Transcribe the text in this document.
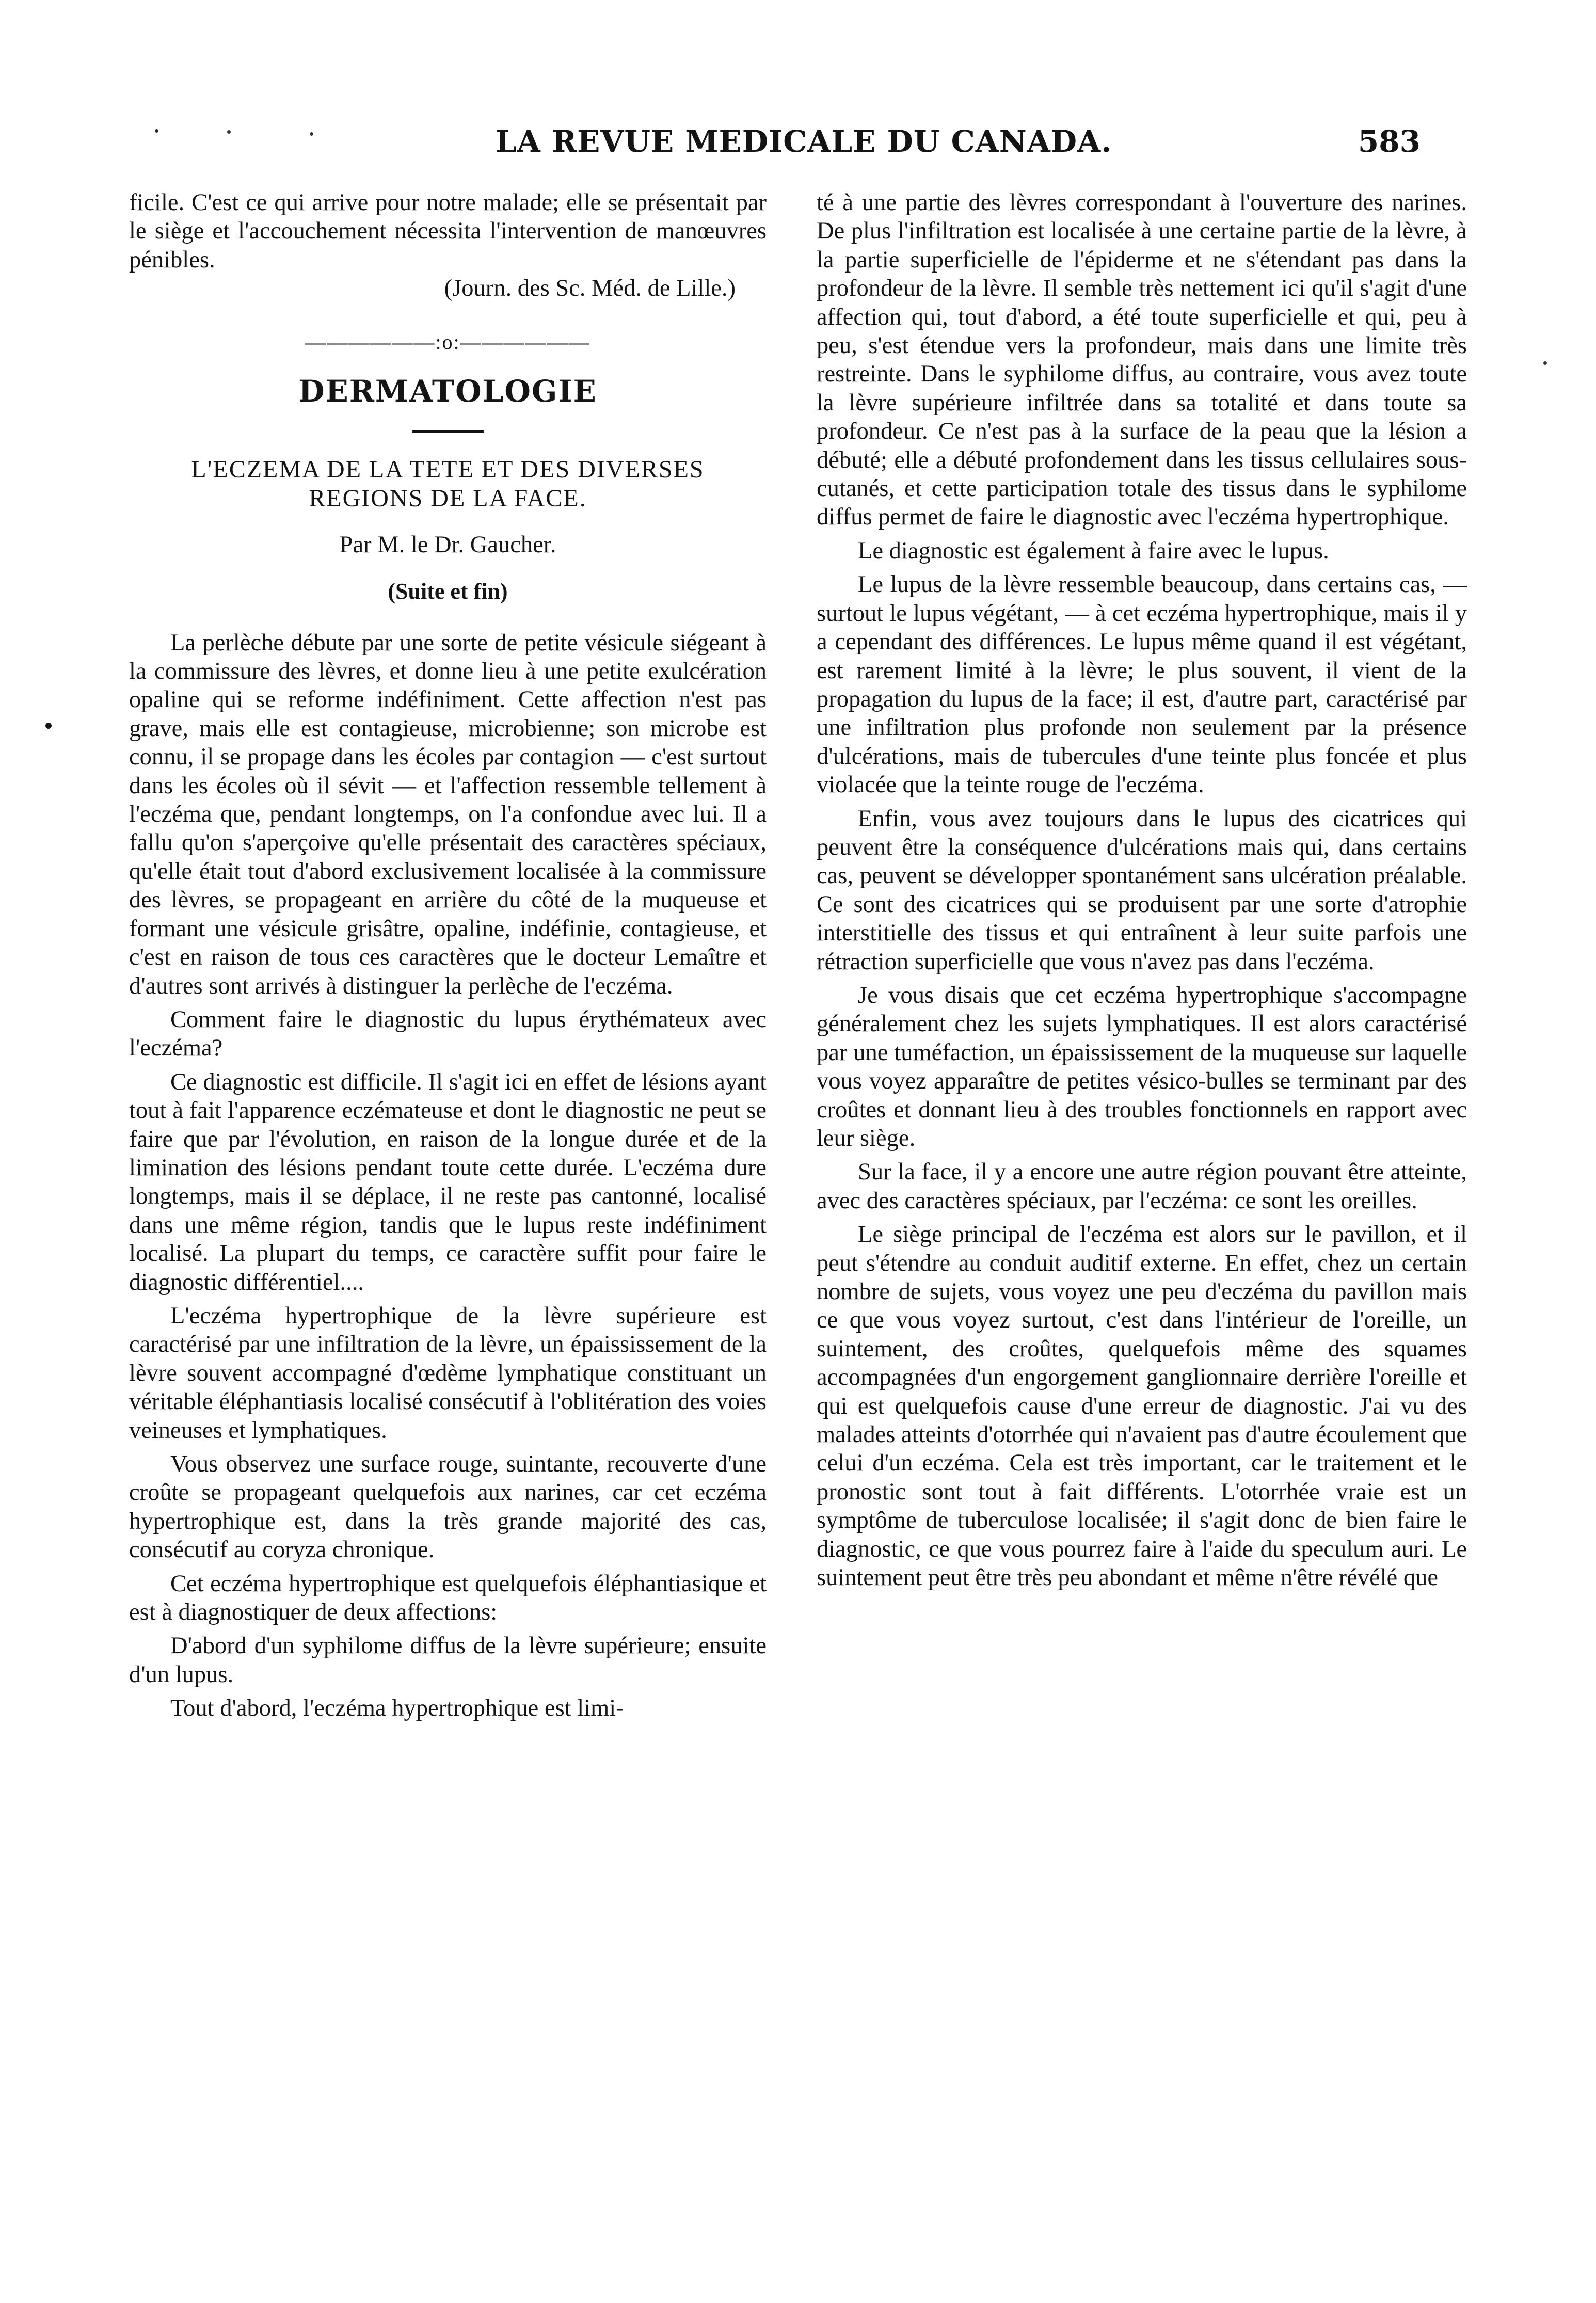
LA REVUE MEDICALE DU CANADA.	583

ficile. C'est ce qui arrive pour notre malade; elle se présentait par le siège et l'accouchement nécessita l'intervention de manœuvres pénibles.

(Journ. des Sc. Méd. de Lille.)
——————:o:——————
DERMATOLOGIE
L'ECZEMA DE LA TETE ET DES DIVERSES
REGIONS DE LA FACE.
Par M. le Dr. Gaucher.
(Suite et fin)

La perlèche débute par une sorte de petite vésicule siégeant à la commissure des lèvres, et donne lieu à une petite exulcération opaline qui se reforme indéfiniment. Cette affection n'est pas grave, mais elle est contagieuse, microbienne; son microbe est connu, il se propage dans les écoles par contagion — c'est surtout dans les écoles où il sévit — et l'affection ressemble tellement à l'eczéma que, pendant longtemps, on l'a confondue avec lui. Il a fallu qu'on s'aperçoive qu'elle présentait des caractères spéciaux, qu'elle était tout d'abord exclusivement localisée à la commissure des lèvres, se propageant en arrière du côté de la muqueuse et formant une vésicule grisâtre, opaline, indéfinie, contagieuse, et c'est en raison de tous ces caractères que le docteur Lemaître et d'autres sont arrivés à distinguer la perlèche de l'eczéma.

Comment faire le diagnostic du lupus érythémateux avec l'eczéma?

Ce diagnostic est difficile. Il s'agit ici en effet de lésions ayant tout à fait l'apparence eczémateuse et dont le diagnostic ne peut se faire que par l'évolution, en raison de la longue durée et de la limination des lésions pendant toute cette durée. L'eczéma dure longtemps, mais il se déplace, il ne reste pas cantonné, localisé dans une même région, tandis que le lupus reste indéfiniment localisé. La plupart du temps, ce caractère suffit pour faire le diagnostic différentiel....

L'eczéma hypertrophique de la lèvre supérieure est caractérisé par une infiltration de la lèvre, un épaississement de la lèvre souvent accompagné d'œdème lymphatique constituant un véritable éléphantiasis localisé consécutif à l'oblitération des voies veineuses et lymphatiques.

Vous observez une surface rouge, suintante, recouverte d'une croûte se propageant quelquefois aux narines, car cet eczéma hypertrophique est, dans la très grande majorité des cas, consécutif au coryza chronique.

Cet eczéma hypertrophique est quelquefois éléphantiasique et est à diagnostiquer de deux affections:

D'abord d'un syphilome diffus de la lèvre supérieure; ensuite d'un lupus.

Tout d'abord, l'eczéma hypertrophique est limi-

té à une partie des lèvres correspondant à l'ouverture des narines. De plus l'infiltration est localisée à une certaine partie de la lèvre, à la partie superficielle de l'épiderme et ne s'étendant pas dans la profondeur de la lèvre. Il semble très nettement ici qu'il s'agit d'une affection qui, tout d'abord, a été toute superficielle et qui, peu à peu, s'est étendue vers la profondeur, mais dans une limite très restreinte. Dans le syphilome diffus, au contraire, vous avez toute la lèvre supérieure infiltrée dans sa totalité et dans toute sa profondeur. Ce n'est pas à la surface de la peau que la lésion a débuté; elle a débuté profondement dans les tissus cellulaires sous-cutanés, et cette participation totale des tissus dans le syphilome diffus permet de faire le diagnostic avec l'eczéma hypertrophique.

Le diagnostic est également à faire avec le lupus.

Le lupus de la lèvre ressemble beaucoup, dans certains cas, — surtout le lupus végétant, — à cet eczéma hypertrophique, mais il y a cependant des différences. Le lupus même quand il est végétant, est rarement limité à la lèvre; le plus souvent, il vient de la propagation du lupus de la face; il est, d'autre part, caractérisé par une infiltration plus profonde non seulement par la présence d'ulcérations, mais de tubercules d'une teinte plus foncée et plus violacée que la teinte rouge de l'eczéma.

Enfin, vous avez toujours dans le lupus des cicatrices qui peuvent être la conséquence d'ulcérations mais qui, dans certains cas, peuvent se développer spontanément sans ulcération préalable. Ce sont des cicatrices qui se produisent par une sorte d'atrophie interstitielle des tissus et qui entraînent à leur suite parfois une rétraction superficielle que vous n'avez pas dans l'eczéma.

Je vous disais que cet eczéma hypertrophique s'accompagne généralement chez les sujets lymphatiques. Il est alors caractérisé par une tuméfaction, un épaississement de la muqueuse sur laquelle vous voyez apparaître de petites vésico-bulles se terminant par des croûtes et donnant lieu à des troubles fonctionnels en rapport avec leur siège.

Sur la face, il y a encore une autre région pouvant être atteinte, avec des caractères spéciaux, par l'eczéma: ce sont les oreilles.

Le siège principal de l'eczéma est alors sur le pavillon, et il peut s'étendre au conduit auditif externe. En effet, chez un certain nombre de sujets, vous voyez une peu d'eczéma du pavillon mais ce que vous voyez surtout, c'est dans l'intérieur de l'oreille, un suintement, des croûtes, quelquefois même des squames accompagnées d'un engorgement ganglionnaire derrière l'oreille et qui est quelquefois cause d'une erreur de diagnostic. J'ai vu des malades atteints d'otorrhée qui n'avaient pas d'autre écoulement que celui d'un eczéma. Cela est très important, car le traitement et le pronostic sont tout à fait différents. L'otorrhée vraie est un symptôme de tuberculose localisée; il s'agit donc de bien faire le diagnostic, ce que vous pourrez faire à l'aide du speculum auri. Le suintement peut être très peu abondant et même n'être révélé que
